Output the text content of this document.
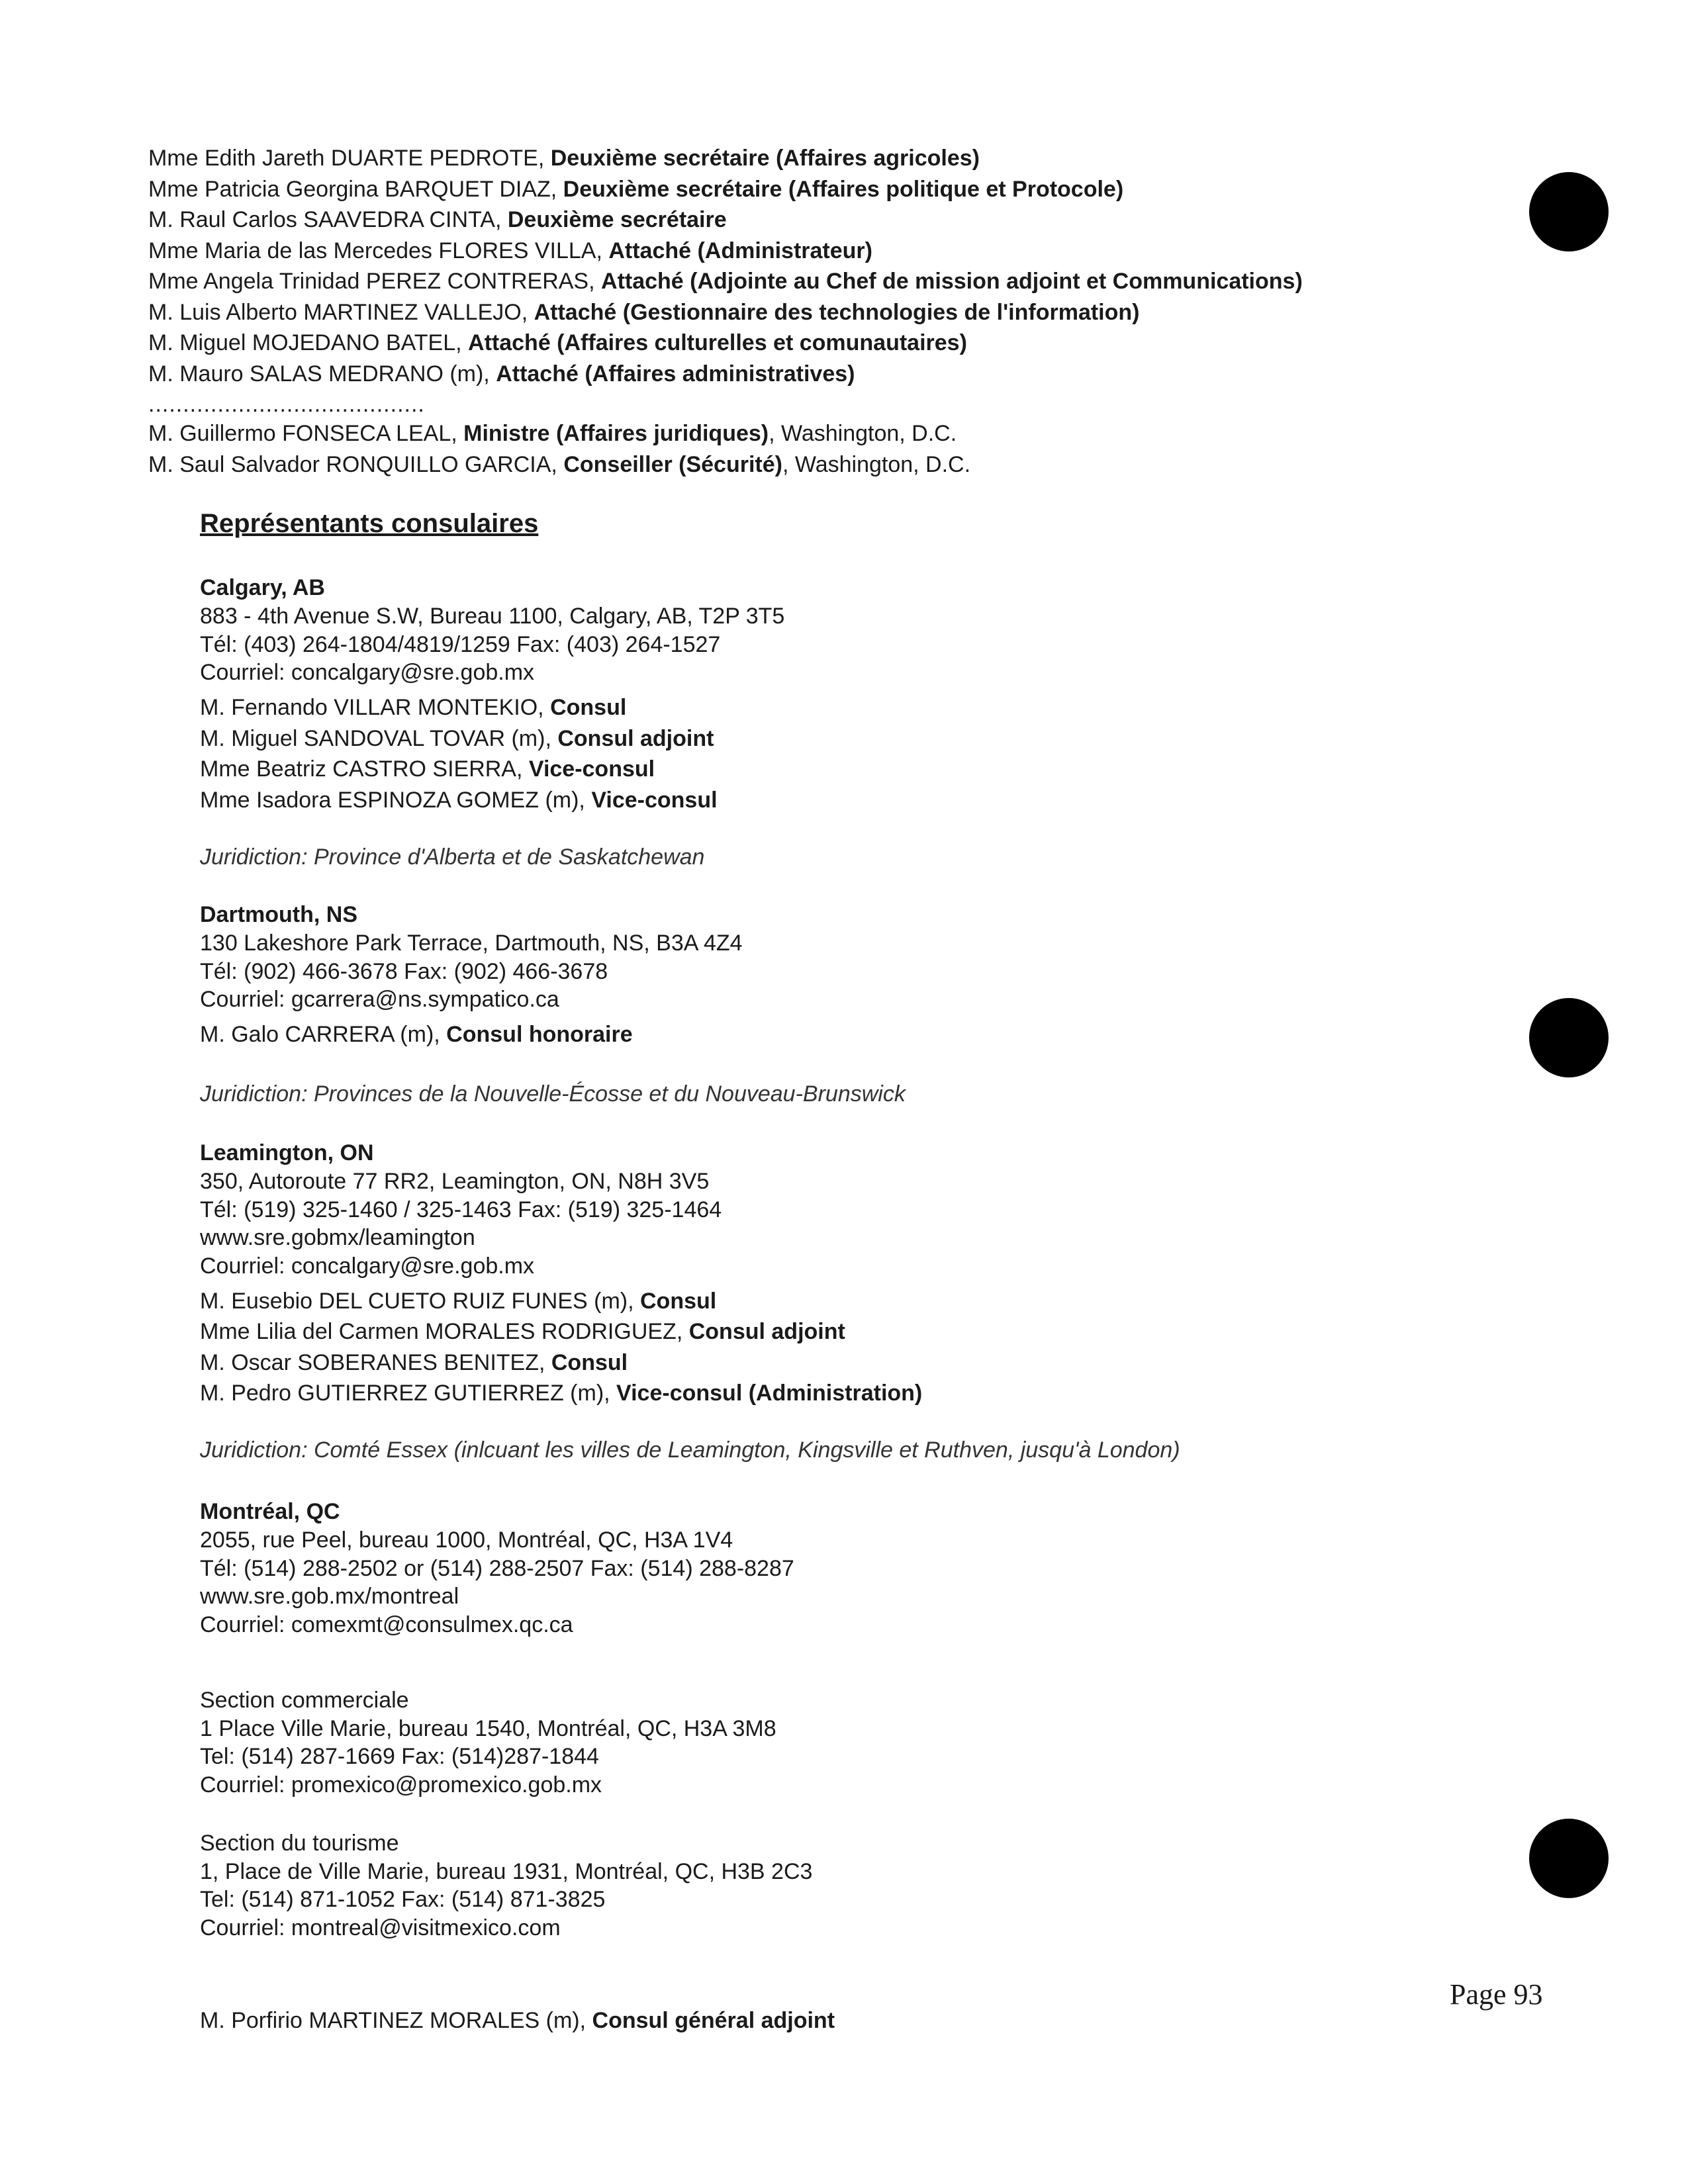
Mme Edith Jareth DUARTE PEDROTE, Deuxième secrétaire (Affaires agricoles)
Mme Patricia Georgina BARQUET DIAZ, Deuxième secrétaire (Affaires politique et Protocole)
M. Raul Carlos SAAVEDRA CINTA, Deuxième secrétaire
Mme Maria de las Mercedes FLORES VILLA, Attaché (Administrateur)
Mme Angela Trinidad PEREZ CONTRERAS, Attaché (Adjointe au Chef de mission adjoint et Communications)
M. Luis Alberto MARTINEZ VALLEJO, Attaché (Gestionnaire des technologies de l'information)
M. Miguel MOJEDANO BATEL, Attaché (Affaires culturelles et comunautaires)
M. Mauro SALAS MEDRANO (m), Attaché (Affaires administratives)
........................................
M. Guillermo FONSECA LEAL, Ministre (Affaires juridiques), Washington, D.C.
M. Saul Salvador RONQUILLO GARCIA, Conseiller (Sécurité), Washington, D.C.
Représentants consulaires
Calgary, AB
883 - 4th Avenue S.W, Bureau 1100, Calgary, AB, T2P 3T5
Tél: (403) 264-1804/4819/1259 Fax: (403) 264-1527
Courriel: concalgary@sre.gob.mx
M. Fernando VILLAR MONTEKIO, Consul
M. Miguel SANDOVAL TOVAR (m), Consul adjoint
Mme Beatriz CASTRO SIERRA, Vice-consul
Mme Isadora ESPINOZA GOMEZ (m), Vice-consul
Juridiction: Province d'Alberta et de Saskatchewan
Dartmouth, NS
130 Lakeshore Park Terrace, Dartmouth, NS, B3A 4Z4
Tél: (902) 466-3678 Fax: (902) 466-3678
Courriel: gcarrera@ns.sympatico.ca
M. Galo CARRERA (m), Consul honoraire
Juridiction: Provinces de la Nouvelle-Écosse et du Nouveau-Brunswick
Leamington, ON
350, Autoroute 77 RR2, Leamington, ON, N8H 3V5
Tél: (519) 325-1460 / 325-1463 Fax: (519) 325-1464
www.sre.gobmx/leamington
Courriel: concalgary@sre.gob.mx
M. Eusebio DEL CUETO RUIZ FUNES (m), Consul
Mme Lilia del Carmen MORALES RODRIGUEZ, Consul adjoint
M. Oscar SOBERANES BENITEZ, Consul
M. Pedro GUTIERREZ GUTIERREZ (m), Vice-consul (Administration)
Juridiction: Comté Essex (inlcuant les villes de Leamington, Kingsville et Ruthven, jusqu'à London)
Montréal, QC
2055, rue Peel, bureau 1000, Montréal, QC, H3A 1V4
Tél: (514) 288-2502 or (514) 288-2507 Fax: (514) 288-8287
www.sre.gob.mx/montreal
Courriel: comexmt@consulmex.qc.ca
Section commerciale
1 Place Ville Marie, bureau 1540, Montréal, QC, H3A 3M8
Tel: (514) 287-1669 Fax: (514)287-1844
Courriel: promexico@promexico.gob.mx
Section du tourisme
1, Place de Ville Marie, bureau 1931, Montréal, QC, H3B 2C3
Tel: (514) 871-1052 Fax: (514) 871-3825
Courriel: montreal@visitmexico.com
M. Porfirio MARTINEZ MORALES (m), Consul général adjoint
Page 93
